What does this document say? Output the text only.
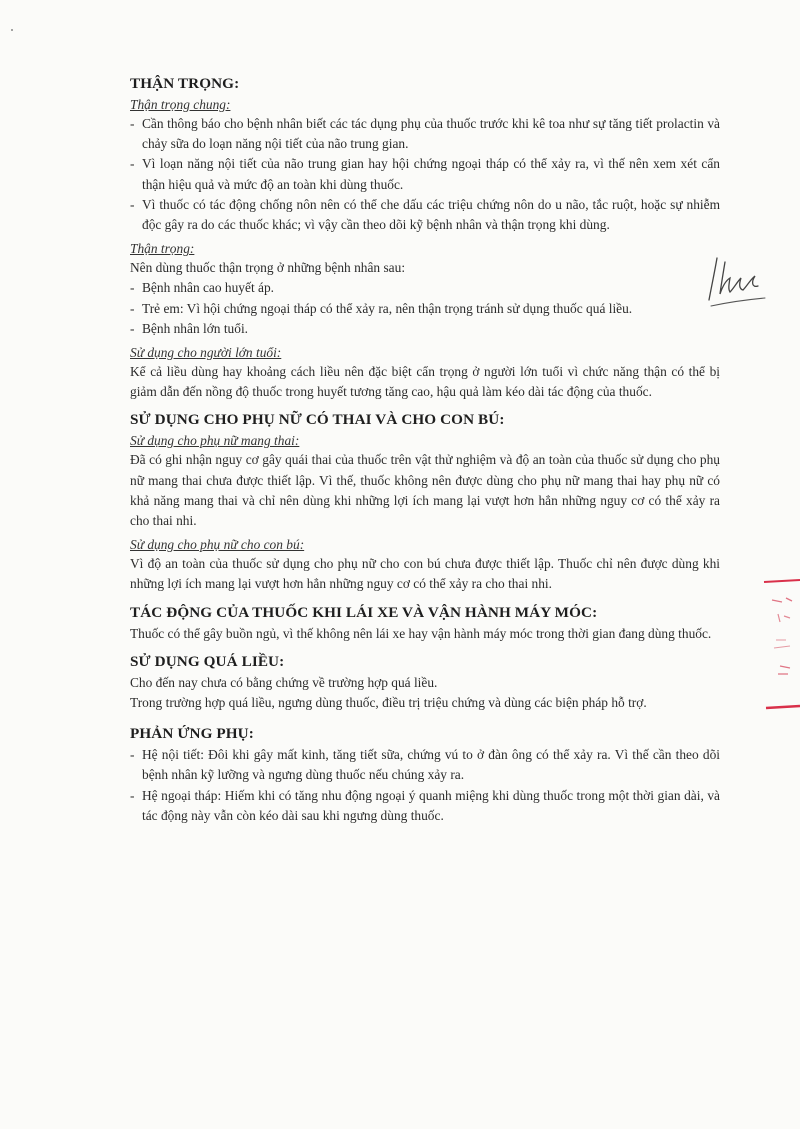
THẬN TRỌNG:
Thận trọng chung:
- Cần thông báo cho bệnh nhân biết các tác dụng phụ của thuốc trước khi kê toa như sự tăng tiết prolactin và chảy sữa do loạn năng nội tiết của não trung gian.
- Vì loạn năng nội tiết của não trung gian hay hội chứng ngoại tháp có thể xảy ra, vì thế nên xem xét cẩn thận hiệu quả và mức độ an toàn khi dùng thuốc.
- Vì thuốc có tác động chống nôn nên có thể che dấu các triệu chứng nôn do u não, tắc ruột, hoặc sự nhiễm độc gây ra do các thuốc khác; vì vậy cần theo dõi kỹ bệnh nhân và thận trọng khi dùng.
Thận trọng:

Nên dùng thuốc thận trọng ở những bệnh nhân sau:

- Bệnh nhân cao huyết áp.
- Trẻ em: Vì hội chứng ngoại tháp có thể xảy ra, nên thận trọng tránh sử dụng thuốc quá liều.
- Bệnh nhân lớn tuổi.
Sử dụng cho người lớn tuổi:

Kể cả liều dùng hay khoảng cách liều nên đặc biệt cẩn trọng ở người lớn tuổi vì chức năng thận có thể bị giảm dẫn đến nồng độ thuốc trong huyết tương tăng cao, hậu quả làm kéo dài tác động của thuốc.

SỬ DỤNG CHO PHỤ NỮ CÓ THAI VÀ CHO CON BÚ:
Sử dụng cho phụ nữ mang thai:

Đã có ghi nhận nguy cơ gây quái thai của thuốc trên vật thử nghiệm và độ an toàn của thuốc sử dụng cho phụ nữ mang thai chưa được thiết lập. Vì thế, thuốc không nên được dùng cho phụ nữ mang thai hay phụ nữ có khả năng mang thai và chỉ nên dùng khi những lợi ích mang lại vượt hơn hẳn những nguy cơ có thể xảy ra cho thai nhi.

Sử dụng cho phụ nữ cho con bú:

Vì độ an toàn của thuốc sử dụng cho phụ nữ cho con bú chưa được thiết lập. Thuốc chỉ nên được dùng khi những lợi ích mang lại vượt hơn hẳn những nguy cơ có thể xảy ra cho thai nhi.

TÁC ĐỘNG CỦA THUỐC KHI LÁI XE VÀ VẬN HÀNH MÁY MÓC:

Thuốc có thể gây buồn ngủ, vì thế không nên lái xe hay vận hành máy móc trong thời gian đang dùng thuốc.

SỬ DỤNG QUÁ LIỀU:

Cho đến nay chưa có bằng chứng về trường hợp quá liều.

Trong trường hợp quá liều, ngưng dùng thuốc, điều trị triệu chứng và dùng các biện pháp hỗ trợ.

PHẢN ỨNG PHỤ:
- Hệ nội tiết: Đôi khi gây mất kinh, tăng tiết sữa, chứng vú to ở đàn ông có thể xảy ra. Vì thế cần theo dõi bệnh nhân kỹ lưỡng và ngưng dùng thuốc nếu chúng xảy ra.
- Hệ ngoại tháp: Hiếm khi có tăng nhu động ngoại ý quanh miệng khi dùng thuốc trong một thời gian dài, và tác động này vẫn còn kéo dài sau khi ngưng dùng thuốc.
